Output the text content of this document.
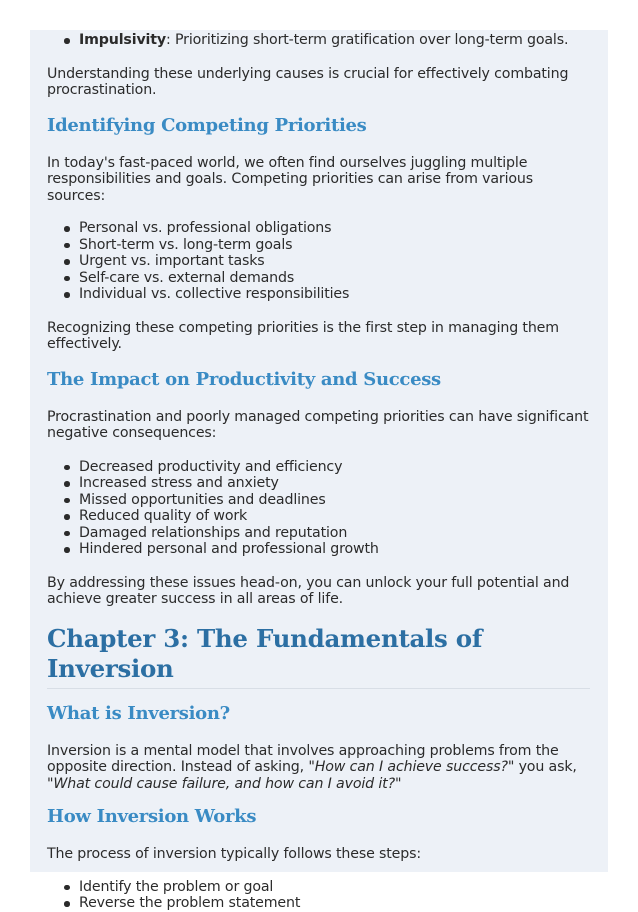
Impulsivity: Prioritizing short-term gratification over long-term goals.

Understanding these underlying causes is crucial for effectively combating procrastination.

Identifying Competing Priorities

In today's fast-paced world, we often find ourselves juggling multiple responsibilities and goals. Competing priorities can arise from various sources:

Personal vs. professional obligations
Short-term vs. long-term goals
Urgent vs. important tasks
Self-care vs. external demands
Individual vs. collective responsibilities

Recognizing these competing priorities is the first step in managing them effectively.

The Impact on Productivity and Success

Procrastination and poorly managed competing priorities can have significant negative consequences:

Decreased productivity and efficiency
Increased stress and anxiety
Missed opportunities and deadlines
Reduced quality of work
Damaged relationships and reputation
Hindered personal and professional growth

By addressing these issues head-on, you can unlock your full potential and achieve greater success in all areas of life.

Chapter 3: The Fundamentals of Inversion
What is Inversion?

Inversion is a mental model that involves approaching problems from the opposite direction. Instead of asking, "How can I achieve success?" you ask, "What could cause failure, and how can I avoid it?"

How Inversion Works

The process of inversion typically follows these steps:

Identify the problem or goal
Reverse the problem statement
